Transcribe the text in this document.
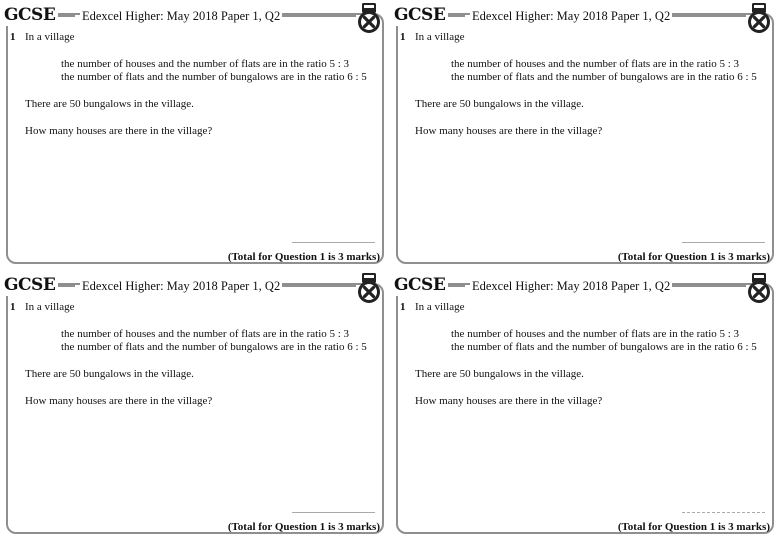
GCSE Edexcel Higher: May 2018 Paper 1, Q2
1 In a village
the number of houses and the number of flats are in the ratio 5 : 3
the number of flats and the number of bungalows are in the ratio 6 : 5
There are 50 bungalows in the village.
How many houses are there in the village?
(Total for Question 1 is 3 marks)
GCSE Edexcel Higher: May 2018 Paper 1, Q2
1 In a village
the number of houses and the number of flats are in the ratio 5 : 3
the number of flats and the number of bungalows are in the ratio 6 : 5
There are 50 bungalows in the village.
How many houses are there in the village?
(Total for Question 1 is 3 marks)
GCSE Edexcel Higher: May 2018 Paper 1, Q2
1 In a village
the number of houses and the number of flats are in the ratio 5 : 3
the number of flats and the number of bungalows are in the ratio 6 : 5
There are 50 bungalows in the village.
How many houses are there in the village?
(Total for Question 1 is 3 marks)
GCSE Edexcel Higher: May 2018 Paper 1, Q2
1 In a village
the number of houses and the number of flats are in the ratio 5 : 3
the number of flats and the number of bungalows are in the ratio 6 : 5
There are 50 bungalows in the village.
How many houses are there in the village?
(Total for Question 1 is 3 marks)
